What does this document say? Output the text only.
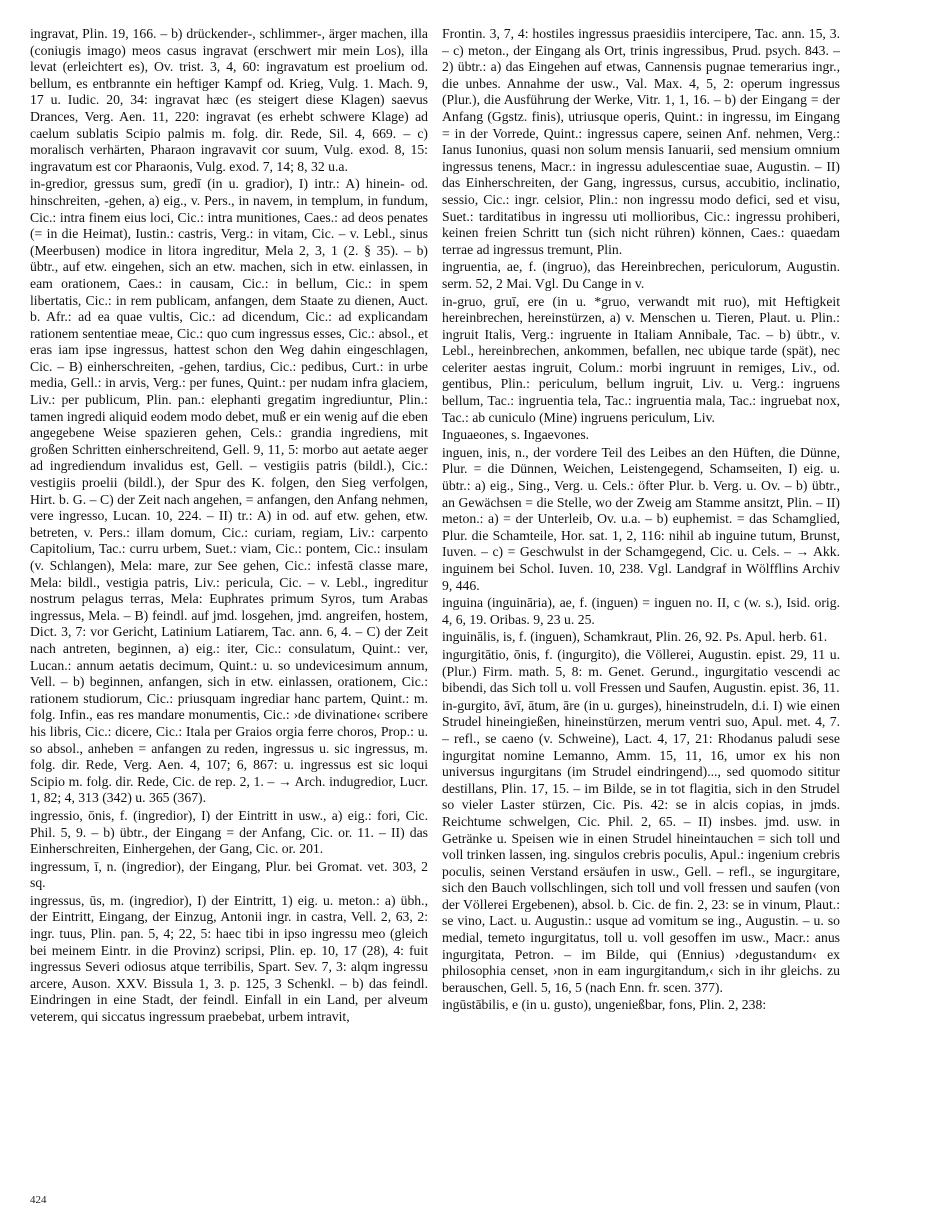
ingravat, Plin. 19, 166. – b) drückender-, schlimmer-, ärger machen, illa (coniugis imago) meos casus ingravat (erschwert mir mein Los), illa levat (erleichtert es), Ov. trist. 3, 4, 60: ingravatum est proelium od. bellum, es entbrannte ein heftiger Kampf od. Krieg, Vulg. 1. Mach. 9, 17 u. Iudic. 20, 34: ingravat hæc (es steigert diese Klagen) saevus Drances, Verg. Aen. 11, 220: ingravat (es erhebt schwere Klage) ad caelum sublatis Scipio palmis m. folg. dir. Rede, Sil. 4, 669. – c) moralisch verhärten, Pharaon ingravavit cor suum, Vulg. exod. 8, 15: ingravatum est cor Pharaonis, Vulg. exod. 7, 14; 8, 32 u.a.

in-gredior, gressus sum, gredī (in u. gradior), I) intr.: A) hinein- od. hinschreiten, -gehen, a) eig., v. Pers., in navem, in templum, in fundum, Cic.: intra finem eius loci, Cic.: intra munitiones, Caes.: ad deos penates (= in die Heimat), Iustin.: castris, Verg.: in vitam, Cic. – v. Lebl., sinus (Meerbusen) modice in litora ingreditur, Mela 2, 3, 1 (2. § 35). – b) übtr., auf etw. eingehen, sich an etw. machen, sich in etw. einlassen, in eam orationem, Caes.: in causam, Cic.: in bellum, Cic.: in spem libertatis, Cic.: in rem publicam, anfangen, dem Staate zu dienen, Auct. b. Afr.: ad ea quae vultis, Cic.: ad dicendum, Cic.: ad explicandam rationem sententiae meae, Cic.: quo cum ingressus esses, Cic.: absol., et eras iam ipse ingressus, hattest schon den Weg dahin eingeschlagen, Cic. – B) einherschreiten, -gehen, tardius, Cic.: pedibus, Curt.: in urbe media, Gell.: in arvis, Verg.: per funes, Quint.: per nudam infra glaciem, Liv.: per publicum, Plin. pan.: elephanti gregatim ingrediuntur, Plin.: tamen ingredi aliquid eodem modo debet, muß er ein wenig auf die eben angegebene Weise spazieren gehen, Cels.: grandia ingrediens, mit großen Schritten einherschreitend, Gell. 9, 11, 5: morbo aut aetate aeger ad ingrediendum invalidus est, Gell. – vestigiis patris (bildl.), Cic.: vestigiis proelii (bildl.), der Spur des K. folgen, den Sieg verfolgen, Hirt. b. G. – C) der Zeit nach angehen, = anfangen, den Anfang nehmen, vere ingresso, Lucan. 10, 224. – II) tr.: A) in od. auf etw. gehen, etw. betreten, v. Pers.: illam domum, Cic.: curiam, regiam, Liv.: carpento Capitolium, Tac.: curru urbem, Suet.: viam, Cic.: pontem, Cic.: insulam (v. Schlangen), Mela: mare, zur See gehen, Cic.: infestā classe mare, Mela: bildl., vestigia patris, Liv.: pericula, Cic. – v. Lebl., ingreditur nostrum pelagus terras, Mela: Euphrates primum Syros, tum Arabas ingressus, Mela. – B) feindl. auf jmd. losgehen, jmd. angreifen, hostem, Dict. 3, 7: vor Gericht, Latinium Latiarem, Tac. ann. 6, 4. – C) der Zeit nach antreten, beginnen, a) eig.: iter, Cic.: consulatum, Quint.: ver, Lucan.: annum aetatis decimum, Quint.: u. so undevicesimum annum, Vell. – b) beginnen, anfangen, sich in etw. einlassen, orationem, Cic.: rationem studiorum, Cic.: priusquam ingrediar hanc partem, Quint.: m. folg. Infin., eas res mandare monumentis, Cic.: ›de divinatione‹ scribere his libris, Cic.: dicere, Cic.: Itala per Graios orgia ferre choros, Prop.: u. so absol., anheben = anfangen zu reden, ingressus u. sic ingressus, m. folg. dir. Rede, Verg. Aen. 4, 107; 6, 867: u. ingressus est sic loqui Scipio m. folg. dir. Rede, Cic. de rep. 2, 1. – → Arch. indugredior, Lucr. 1, 82; 4, 313 (342) u. 365 (367).

ingressio, ōnis, f. (ingredior), I) der Eintritt in usw., a) eig.: fori, Cic. Phil. 5, 9. – b) übtr., der Eingang = der Anfang, Cic. or. 11. – II) das Einherschreiten, Einhergehen, der Gang, Cic. or. 201.

ingressum, ī, n. (ingredior), der Eingang, Plur. bei Gromat. vet. 303, 2 sq.

ingressus, ūs, m. (ingredior), I) der Eintritt, 1) eig. u. meton.: a) übh., der Eintritt, Eingang, der Einzug, Antonii ingr. in castra, Vell. 2, 63, 2: ingr. tuus, Plin. pan. 5, 4; 22, 5: haec tibi in ipso ingressu meo (gleich bei meinem Eintr. in die Provinz) scripsi, Plin. ep. 10, 17 (28), 4: fuit ingressus Severi odiosus atque terribilis, Spart. Sev. 7, 3: alqm ingressu arcere, Auson. XXV. Bissula 1, 3. p. 125, 3 Schenkl. – b) das feindl. Eindringen in eine Stadt, der feindl. Einfall in ein Land, per alveum veterem, qui siccatus ingressum praebebat, urbem intravit,

Frontin. 3, 7, 4: hostiles ingressus praesidiis intercipere, Tac. ann. 15, 3. – c) meton., der Eingang als Ort, trinis ingressibus, Prud. psych. 843. – 2) übtr.: a) das Eingehen auf etwas, Cannensis pugnae temerarius ingr., die unbes. Annahme der usw., Val. Max. 4, 5, 2: operum ingressus (Plur.), die Ausführung der Werke, Vitr. 1, 1, 16. – b) der Eingang = der Anfang (Ggstz. finis), utriusque operis, Quint.: in ingressu, im Eingang = in der Vorrede, Quint.: ingressus capere, seinen Anf. nehmen, Verg.: Ianus Iunonius, quasi non solum mensis Ianuarii, sed mensium omnium ingressus tenens, Macr.: in ingressu adulescentiae suae, Augustin. – II) das Einherschreiten, der Gang, ingressus, cursus, accubitio, inclinatio, sessio, Cic.: ingr. celsior, Plin.: non ingressu modo defici, sed et visu, Suet.: tarditatibus in ingressu uti mollioribus, Cic.: ingressu prohiberi, keinen freien Schritt tun (sich nicht rühren) können, Caes.: quaedam terrae ad ingressus tremunt, Plin.

ingruentia, ae, f. (ingruo), das Hereinbrechen, periculorum, Augustin. serm. 52, 2 Mai. Vgl. Du Cange in v.

in-gruo, gruī, ere (in u. *gruo, verwandt mit ruo), mit Heftigkeit hereinbrechen, hereinstürzen, a) v. Menschen u. Tieren, Plaut. u. Plin.: ingruit Italis, Verg.: ingruente in Italiam Annibale, Tac. – b) übtr., v. Lebl., hereinbrechen, ankommen, befallen, nec ubique tarde (spät), nec celeriter aestas ingruit, Colum.: morbi ingruunt in remiges, Liv., od. gentibus, Plin.: periculum, bellum ingruit, Liv. u. Verg.: ingruens bellum, Tac.: ingruentia tela, Tac.: ingruentia mala, Tac.: ingruebat nox, Tac.: ab cuniculo (Mine) ingruens periculum, Liv.

Inguaeones, s. Ingaevones.

inguen, inis, n., der vordere Teil des Leibes an den Hüften, die Dünne, Plur. = die Dünnen, Weichen, Leistengegend, Schamseiten, I) eig. u. übtr.: a) eig., Sing., Verg. u. Cels.: öfter Plur. b. Verg. u. Ov. – b) übtr., an Gewächsen = die Stelle, wo der Zweig am Stamme ansitzt, Plin. – II) meton.: a) = der Unterleib, Ov. u.a. – b) euphemist. = das Schamglied, Plur. die Schamteile, Hor. sat. 1, 2, 116: nihil ab inguine tutum, Brunst, Iuven. – c) = Geschwulst in der Schamgegend, Cic. u. Cels. – → Akk. inguinem bei Schol. Iuven. 10, 238. Vgl. Landgraf in Wölfflins Archiv 9, 446.

inguina (inguināria), ae, f. (inguen) = inguen no. II, c (w. s.), Isid. orig. 4, 6, 19. Oribas. 9, 23 u. 25.

inguinālis, is, f. (inguen), Schamkraut, Plin. 26, 92. Ps. Apul. herb. 61.

ingurgitātio, ōnis, f. (ingurgito), die Völlerei, Augustin. epist. 29, 11 u. (Plur.) Firm. math. 5, 8: m. Genet. Gerund., ingurgitatio vescendi ac bibendi, das Sich toll u. voll Fressen und Saufen, Augustin. epist. 36, 11.

in-gurgito, āvī, ātum, āre (in u. gurges), hineinstrudeln, d.i. I) wie einen Strudel hineingießen, hineinstürzen, merum ventri suo, Apul. met. 4, 7. – refl., se caeno (v. Schweine), Lact. 4, 17, 21: Rhodanus paludi sese ingurgitat nomine Lemanno, Amm. 15, 11, 16, umor ex his non universus ingurgitans (im Strudel eindringend)..., sed quomodo sititur destillans, Plin. 17, 15. – im Bilde, se in tot flagitia, sich in den Strudel so vieler Laster stürzen, Cic. Pis. 42: se in alcis copias, in jmds. Reichtume schwelgen, Cic. Phil. 2, 65. – II) insbes. jmd. usw. in Getränke u. Speisen wie in einen Strudel hineintauchen = sich toll und voll trinken lassen, ing. singulos crebris poculis, Apul.: ingenium crebris poculis, seinen Verstand ersäufen in usw., Gell. – refl., se ingurgitare, sich den Bauch vollschlingen, sich toll und voll fressen und saufen (von der Völlerei Ergebenen), absol. b. Cic. de fin. 2, 23: se in vinum, Plaut.: se vino, Lact. u. Augustin.: usque ad vomitum se ing., Augustin. – u. so medial, temeto ingurgitatus, toll u. voll gesoffen im usw., Macr.: anus ingurgitata, Petron. – im Bilde, qui (Ennius) ›degustandum‹ ex philosophia censet, ›non in eam ingurgitandum,‹ sich in ihr gleichs. zu berauschen, Gell. 5, 16, 5 (nach Enn. fr. scen. 377).

ingūstābilis, e (in u. gusto), ungenießbar, fons, Plin. 2, 238:

424
